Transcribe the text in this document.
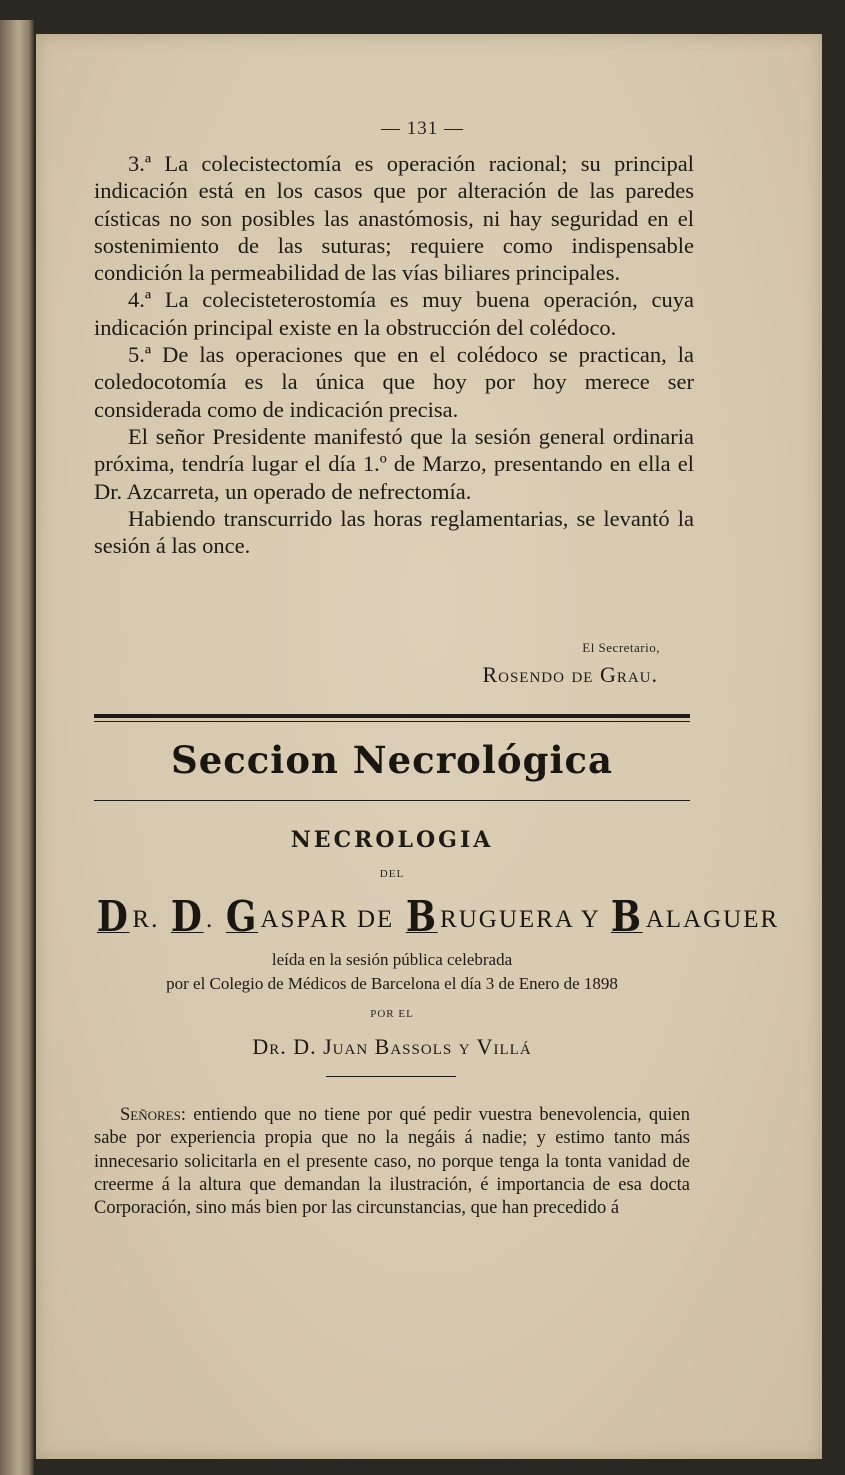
— 131 —

3.ª La colecistectomía es operación racional; su principal indicación está en los casos que por alteración de las paredes císticas no son posibles las anastómosis, ni hay seguridad en el sostenimiento de las suturas; requiere como indispensable condición la permeabilidad de las vías biliares principales.

4.ª La colecisteterostomía es muy buena operación, cuya indicación principal existe en la obstrucción del colédoco.

5.ª De las operaciones que en el colédoco se practican, la coledocotomía es la única que hoy por hoy merece ser considerada como de indicación precisa.

El señor Presidente manifestó que la sesión general ordinaria próxima, tendría lugar el día 1.º de Marzo, presentando en ella el Dr. Azcarreta, un operado de nefrectomía.

Habiendo transcurrido las horas reglamentarias, se levantó la sesión á las once.

El Secretario,
Rosendo de Grau.
Seccion Necrológica
NECROLOGIA
DEL
D R. D . G ASPAR DE B RUGUERA Y B ALAGUER
leída en la sesión pública celebrada
por el Colegio de Médicos de Barcelona el día 3 de Enero de 1898
POR EL
Dr. D. Juan Bassols y Villá

Señores: entiendo que no tiene por qué pedir vuestra benevolencia, quien sabe por experiencia propia que no la negáis á nadie; y estimo tanto más innecesario solicitarla en el presente caso, no porque tenga la tonta vanidad de creerme á la altura que demandan la ilustración, é importancia de esa docta Corporación, sino más bien por las circunstancias, que han precedido á
